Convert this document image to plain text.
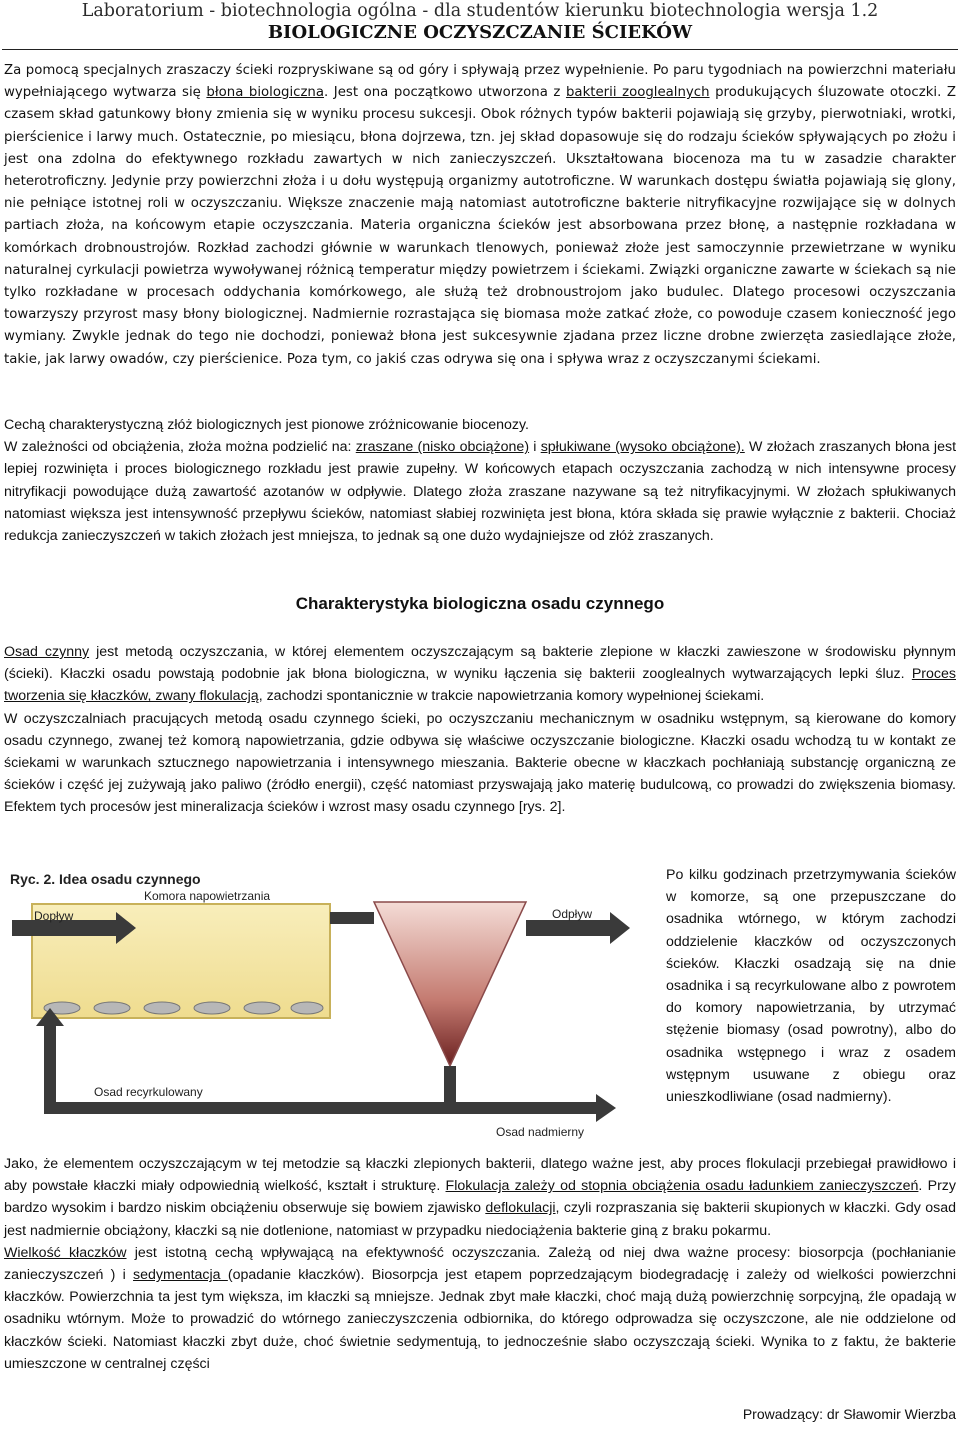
Laboratorium - biotechnologia ogólna - dla studentów kierunku biotechnologia wersja 1.2
BIOLOGICZNE OCZYSZCZANIE ŚCIEKÓW

Za pomocą specjalnych zraszaczy ścieki rozpryskiwane są od góry i spływają przez wypełnienie. Po paru tygodniach na powierzchni materiału wypełniającego wytwarza się błona biologiczna. Jest ona początkowo utworzona z bakterii zooglealnych produkujących śluzowate otoczki. Z czasem skład gatunkowy błony zmienia się w wyniku procesu sukcesji. Obok różnych typów bakterii pojawiają się grzyby, pierwotniaki, wrotki, pierścienice i larwy much. Ostatecznie, po miesiącu, błona dojrzewa, tzn. jej skład dopasowuje się do rodzaju ścieków spływających po złożu i jest ona zdolna do efektywnego rozkładu zawartych w nich zanieczyszczeń. Ukształtowana biocenoza ma tu w zasadzie charakter heterotroficzny. Jedynie przy powierzchni złoża i u dołu występują organizmy autotroficzne. W warunkach dostępu światła pojawiają się glony, nie pełniące istotnej roli w oczyszczaniu. Większe znaczenie mają natomiast autotroficzne bakterie nitryfikacyjne rozwijające się w dolnych partiach złoża, na końcowym etapie oczyszczania. Materia organiczna ścieków jest absorbowana przez błonę, a następnie rozkładana w komórkach drobnoustrojów. Rozkład zachodzi głównie w warunkach tlenowych, ponieważ złoże jest samoczynnie przewietrzane w wyniku naturalnej cyrkulacji powietrza wywoływanej różnicą temperatur między powietrzem i ściekami. Związki organiczne zawarte w ściekach są nie tylko rozkładane w procesach oddychania komórkowego, ale służą też drobnoustrojom jako budulec. Dlatego procesowi oczyszczania towarzyszy przyrost masy błony biologicznej. Nadmiernie rozrastająca się biomasa może zatkać złoże, co powoduje czasem konieczność jego wymiany. Zwykle jednak do tego nie dochodzi, ponieważ błona jest sukcesywnie zjadana przez liczne drobne zwierzęta zasiedlające złoże, takie, jak larwy owadów, czy pierścienice. Poza tym, co jakiś czas odrywa się ona i spływa wraz z oczyszczanymi ściekami.

Cechą charakterystyczną złóż biologicznych jest pionowe zróżnicowanie biocenozy.

W zależności od obciążenia, złoża można podzielić na: zraszane (nisko obciążone) i spłukiwane (wysoko obciążone). W złożach zraszanych błona jest lepiej rozwinięta i proces biologicznego rozkładu jest prawie zupełny. W końcowych etapach oczyszczania zachodzą w nich intensywne procesy nitryfikacji powodujące dużą zawartość azotanów w odpływie. Dlatego złoża zraszane nazywane są też nitryfikacyjnymi. W złożach spłukiwanych natomiast większa jest intensywność przepływu ścieków, natomiast słabiej rozwinięta jest błona, która składa się prawie wyłącznie z bakterii. Chociaż redukcja zanieczyszczeń w takich złożach jest mniejsza, to jednak są one dużo wydajniejsze od złóż zraszanych.

Charakterystyka biologiczna osadu czynnego

Osad czynny jest metodą oczyszczania, w której elementem oczyszczającym są bakterie zlepione w kłaczki zawieszone w środowisku płynnym (ścieki). Kłaczki osadu powstają podobnie jak błona biologiczna, w wyniku łączenia się bakterii zooglealnych wytwarzających lepki śluz. Proces tworzenia się kłaczków, zwany flokulacją, zachodzi spontanicznie w trakcie napowietrzania komory wypełnionej ściekami.

W oczyszczalniach pracujących metodą osadu czynnego ścieki, po oczyszczaniu mechanicznym w osadniku wstępnym, są kierowane do komory osadu czynnego, zwanej też komorą napowietrzania, gdzie odbywa się właściwe oczyszczanie biologiczne. Kłaczki osadu wchodzą tu w kontakt ze ściekami w warunkach sztucznego napowietrzania i intensywnego mieszania. Bakterie obecne w kłaczkach pochłaniają substancję organiczną ze ścieków i część jej zużywają jako paliwo (źródło energii), część natomiast przyswajają jako materię budulcową, co prowadzi do zwiększenia biomasy. Efektem tych procesów jest mineralizacja ścieków i wzrost masy osadu czynnego [rys. 2].

Ryc. 2. Idea osadu czynnego
Komora napowietrzania
Dopływ	Odpływ
Osad recyrkulowany
Osad nadmierny
Po kilku godzinach przetrzymywania ścieków w komorze, są one przepuszczane do osadnika wtórnego, w którym zachodzi oddzielenie kłaczków od oczyszczonych ścieków. Kłaczki osadzają się na dnie osadnika i są recyrkulowane albo z powrotem do komory napowietrzania, by utrzymać stężenie biomasy (osad powrotny), albo do osadnika wstępnego i wraz z osadem wstępnym usuwane z obiegu oraz unieszkodliwiane (osad nadmierny).

Jako, że elementem oczyszczającym w tej metodzie są kłaczki zlepionych bakterii, dlatego ważne jest, aby proces flokulacji przebiegał prawidłowo i aby powstałe kłaczki miały odpowiednią wielkość, kształt i strukturę. Flokulacja zależy od stopnia obciążenia osadu ładunkiem zanieczyszczeń. Przy bardzo wysokim i bardzo niskim obciążeniu obserwuje się bowiem zjawisko deflokulacji, czyli rozpraszania się bakterii skupionych w kłaczki. Gdy osad jest nadmiernie obciążony, kłaczki są nie dotlenione, natomiast w przypadku niedociążenia bakterie giną z braku pokarmu.

Wielkość kłaczków jest istotną cechą wpływającą na efektywność oczyszczania. Zależą od niej dwa ważne procesy: biosorpcja (pochłanianie zanieczyszczeń ) i sedymentacja (opadanie kłaczków). Biosorpcja jest etapem poprzedzającym biodegradację i zależy od wielkości powierzchni kłaczków. Powierzchnia ta jest tym większa, im kłaczki są mniejsze. Jednak zbyt małe kłaczki, choć mają dużą powierzchnię sorpcyjną, źle opadają w osadniku wtórnym. Może to prowadzić do wtórnego zanieczyszczenia odbiornika, do którego odprowadza się oczyszczone, ale nie oddzielone od kłaczków ścieki. Natomiast kłaczki zbyt duże, choć świetnie sedymentują, to jednocześnie słabo oczyszczają ścieki. Wynika to z faktu, że bakterie umieszczone w centralnej części

Prowadzący: dr Sławomir Wierzba
